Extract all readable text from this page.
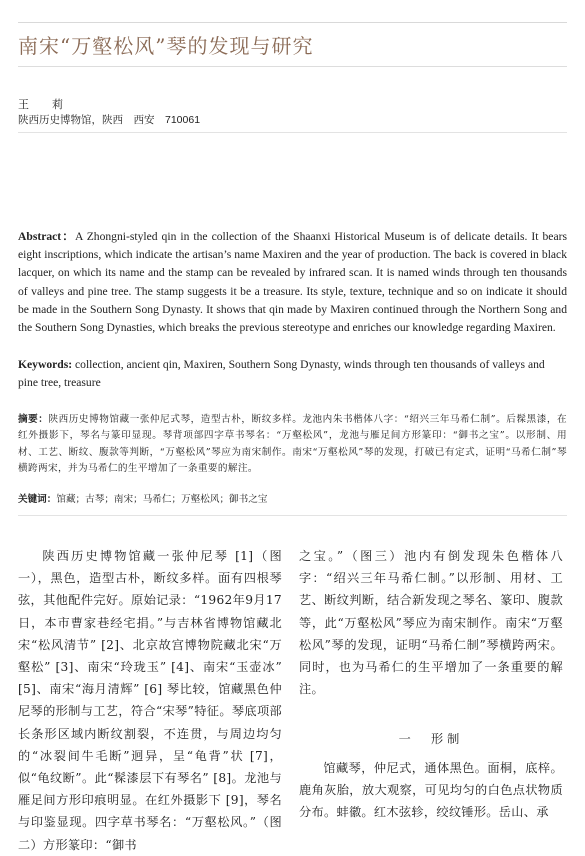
南宋“万壑松风”琴的发现与研究
王　莉
陕西历史博物馆，陕西　西安　710061
Abstract：A Zhongni-styled qin in the collection of the Shaanxi Historical Museum is of delicate details. It bears eight inscriptions, which indicate the artisan’s name Maxiren and the year of production. The back is covered in black lacquer, on which its name and the stamp can be revealed by infrared scan. It is named winds through ten thousands of valleys and pine tree. The stamp suggests it be a treasure. Its style, texture, technique and so on indicate it should be made in the Southern Song Dynasty. It shows that qin made by Maxiren continued through the Northern Song and the Southern Song Dynasties, which breaks the previous stereotype and enriches our knowledge regarding Maxiren.
Keywords: collection, ancient qin, Maxiren, Southern Song Dynasty, winds through ten thousands of valleys and pine tree, treasure
摘要：陕西历史博物馆藏一张仲尼式琴，造型古朴，断纹多样。龙池内朱书楷体八字：“绍兴三年马希仁制”。后髹黑漆，在红外摄影下，琴名与篆印显现。琴背项部四字草书琴名：“万壑松风”，龙池与雁足间方形篆印：“御书之宝”。以形制、用材、工艺、断纹、腹款等判断，“万壑松风”琴应为南宋制作。南宋“万壑松风”琴的发现，打破已有定式，证明“马希仁制”琴横跨两宋，并为马希仁的生平增加了一条重要的解注。
关键词：馆藏；古琴；南宋；马希仁；万壑松风；御书之宝
陕西历史博物馆藏一张仲尼琴 [1]（图一），黑色，造型古朴，断纹多样。面有四根琴弦，其他配件完好。原始记录：“1962年9月17日，本市曹家巷经宅捐。”与吉林省博物馆藏北宋“松风清节” [2]、北京故宫博物院藏北宋“万壑松” [3]、南宋“玲珑玉” [4]、南宋“玉壶冰” [5]、南宋“海月清辉” [6] 琴比较，馆藏黑色仲尼琴的形制与工艺，符合“宋琴”特征。琴底项部长条形区域内断纹割裂，不连贯，与周边均匀的“冰裂间牛毛断”迥异，呈“龟背”状 [7]，似“龟纹断”。此“髹漆层下有琴名” [8]。龙池与雁足间方形印痕明显。在红外摄影下 [9]，琴名与印鉴显现。四字草书琴名：“万壑松风。”（图二）方形篆印：“御书

之宝。”（图三）池内有倒发现朱色楷体八字：“绍兴三年马希仁制。”以形制、用材、工艺、断纹判断，结合新发现之琴名、篆印、腹款等，此“万壑松风”琴应为南宋制作。南宋“万壑松风”琴的发现，证明“马希仁制”琴横跨两宋。同时，也为马希仁的生平增加了一条重要的解注。

一　形制

馆藏琴，仲尼式，通体黑色。面桐，底梓。鹿角灰胎，放大观察，可见均匀的白色点状物质分布。蚌徽。红木弦轸，绞纹锤形。岳山、承
